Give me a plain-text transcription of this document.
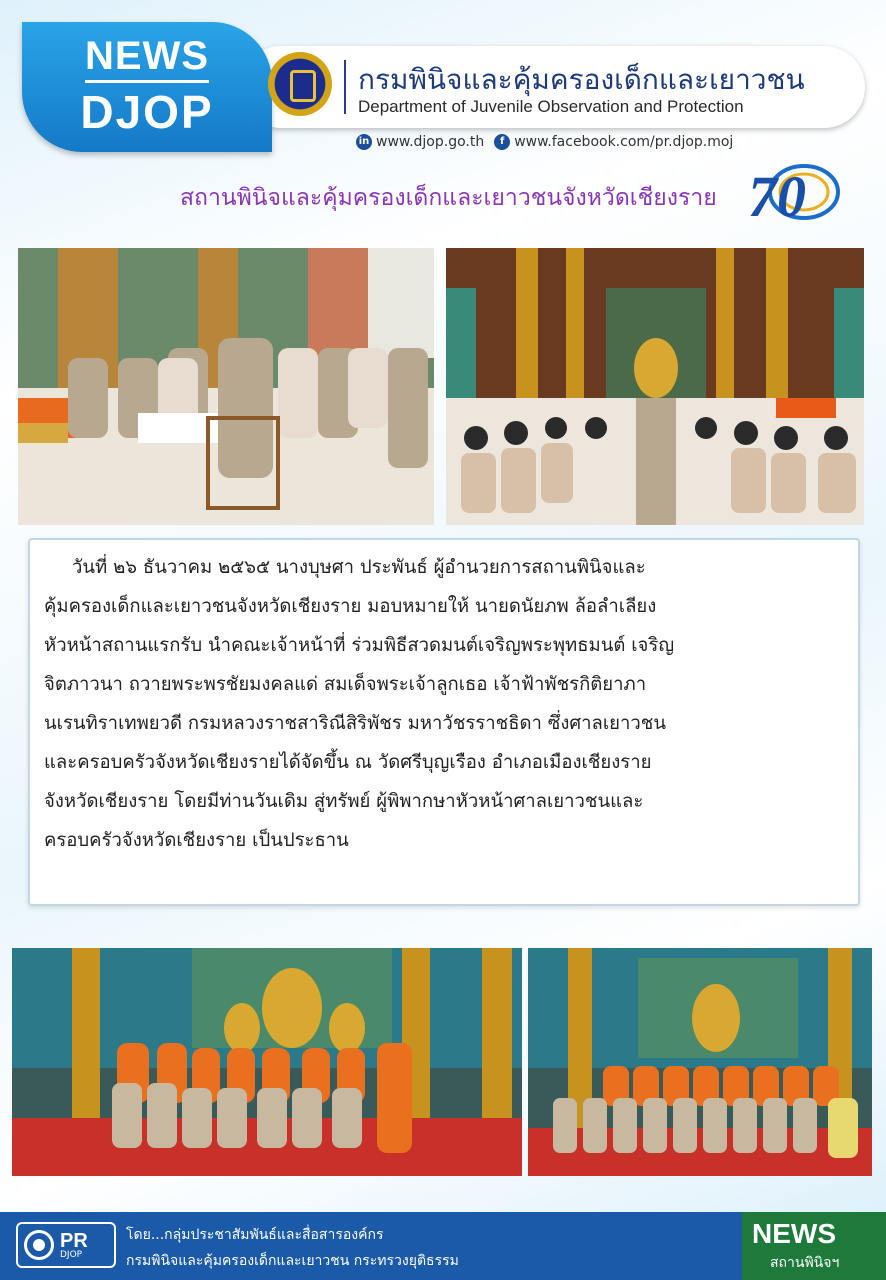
NEWS
DJOP
กรมพินิจและคุ้มครองเด็กและเยาวชน
Department of Juvenile Observation and Protection
in www.djop.go.th	f www.facebook.com/pr.djop.moj
สถานพินิจและคุ้มครองเด็กและเยาวชนจังหวัดเชียงราย 70
วันที่ ๒๖ ธันวาคม ๒๕๖๕ นางบุษศา ประพันธ์ ผู้อำนวยการสถานพินิจและ
คุ้มครองเด็กและเยาวชนจังหวัดเชียงราย มอบหมายให้ นายดนัยภพ ล้อลำเลียง
หัวหน้าสถานแรกรับ นำคณะเจ้าหน้าที่ ร่วมพิธีสวดมนต์เจริญพระพุทธมนต์ เจริญ
จิตภาวนา ถวายพระพรชัยมงคลแด่ สมเด็จพระเจ้าลูกเธอ เจ้าฟ้าพัชรกิติยาภา
นเรนทิราเทพยวดี กรมหลวงราชสาริณีสิริพัชร มหาวัชรราชธิดา ซึ่งศาลเยาวชน
และครอบครัวจังหวัดเชียงรายได้จัดขึ้น ณ วัดศรีบุญเรือง อำเภอเมืองเชียงราย
จังหวัดเชียงราย โดยมีท่านวันเดิม สู่ทรัพย์ ผู้พิพากษาหัวหน้าศาลเยาวชนและ
ครอบครัวจังหวัดเชียงราย เป็นประธาน
PR
DJOP
โดย...กลุ่มประชาสัมพันธ์และสื่อสารองค์กร
กรมพินิจและคุ้มครองเด็กและเยาวชน กระทรวงยุติธรรม
NEWS
สถานพินิจฯ
